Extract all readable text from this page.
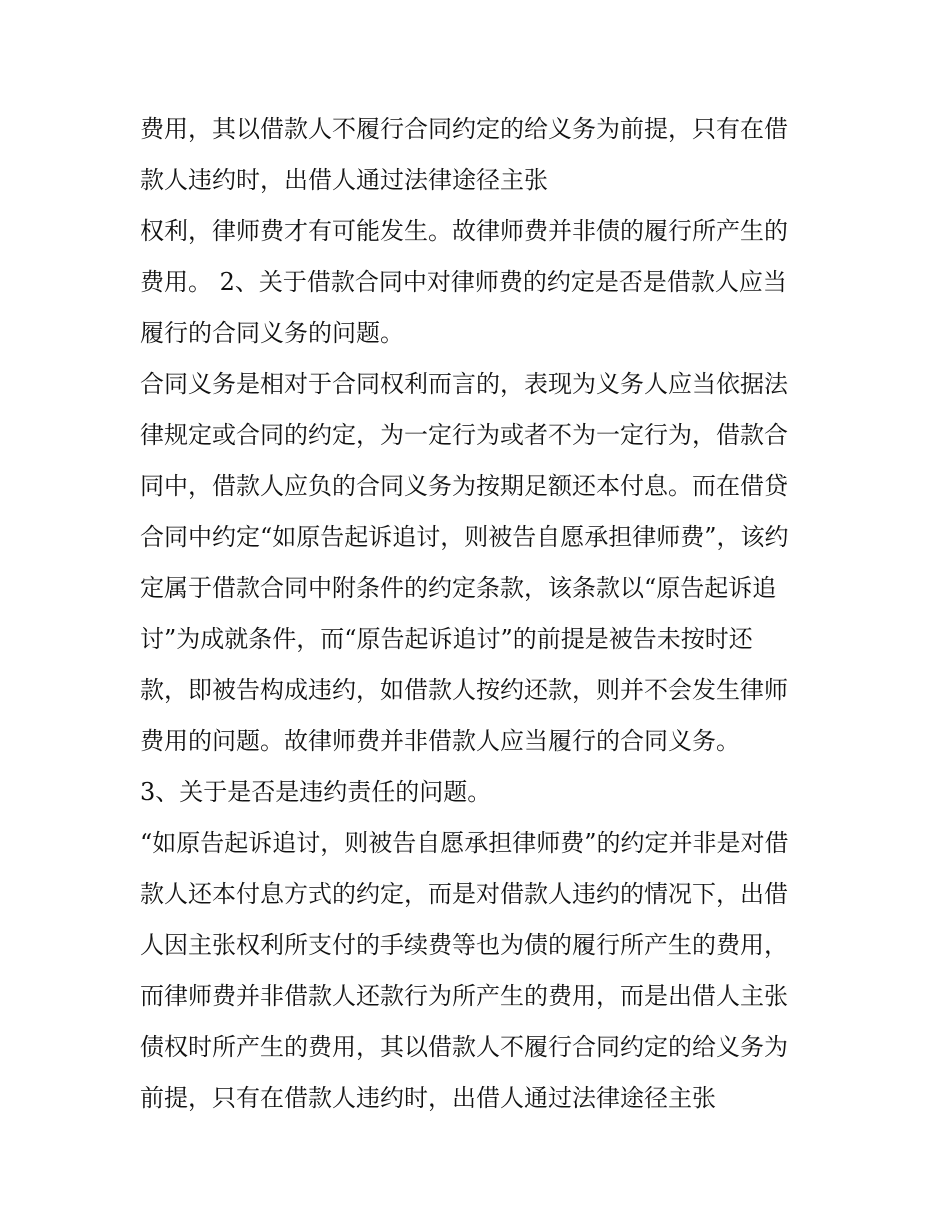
费用，其以借款人不履行合同约定的给义务为前提，只有在借
款人违约时，出借人通过法律途径主张
权利，律师费才有可能发生。故律师费并非债的履行所产生的
费用。 2、关于借款合同中对律师费的约定是否是借款人应当
履行的合同义务的问题。
合同义务是相对于合同权利而言的，表现为义务人应当依据法
律规定或合同的约定，为一定行为或者不为一定行为，借款合
同中，借款人应负的合同义务为按期足额还本付息。而在借贷
合同中约定“如原告起诉追讨，则被告自愿承担律师费”，该约
定属于借款合同中附条件的约定条款，该条款以“原告起诉追
讨”为成就条件，而“原告起诉追讨”的前提是被告未按时还
款，即被告构成违约，如借款人按约还款，则并不会发生律师
费用的问题。故律师费并非借款人应当履行的合同义务。
3、关于是否是违约责任的问题。
“如原告起诉追讨，则被告自愿承担律师费”的约定并非是对借
款人还本付息方式的约定，而是对借款人违约的情况下，出借
人因主张权利所支付的手续费等也为债的履行所产生的费用，
而律师费并非借款人还款行为所产生的费用，而是出借人主张
债权时所产生的费用，其以借款人不履行合同约定的给义务为
前提，只有在借款人违约时，出借人通过法律途径主张
